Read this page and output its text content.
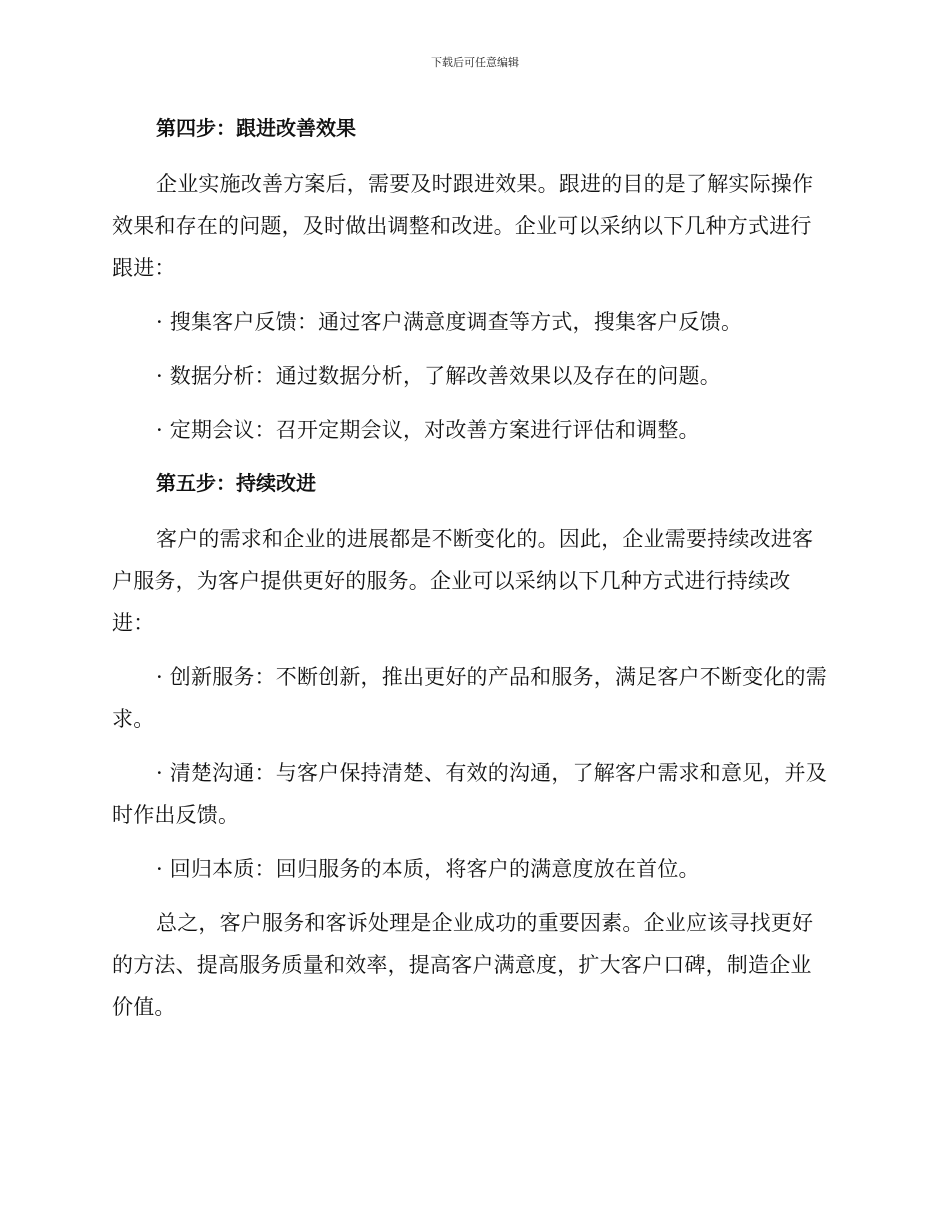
下载后可任意编辑
第四步：跟进改善效果

企业实施改善方案后，需要及时跟进效果。跟进的目的是了解实际操作效果和存在的问题，及时做出调整和改进。企业可以采纳以下几种方式进行跟进：

· 搜集客户反馈：通过客户满意度调查等方式，搜集客户反馈。

· 数据分析：通过数据分析，了解改善效果以及存在的问题。

· 定期会议：召开定期会议，对改善方案进行评估和调整。

第五步：持续改进

客户的需求和企业的进展都是不断变化的。因此，企业需要持续改进客户服务，为客户提供更好的服务。企业可以采纳以下几种方式进行持续改进：

· 创新服务：不断创新，推出更好的产品和服务，满足客户不断变化的需求。

· 清楚沟通：与客户保持清楚、有效的沟通，了解客户需求和意见，并及时作出反馈。

· 回归本质：回归服务的本质，将客户的满意度放在首位。

总之，客户服务和客诉处理是企业成功的重要因素。企业应该寻找更好的方法、提高服务质量和效率，提高客户满意度，扩大客户口碑，制造企业价值。
